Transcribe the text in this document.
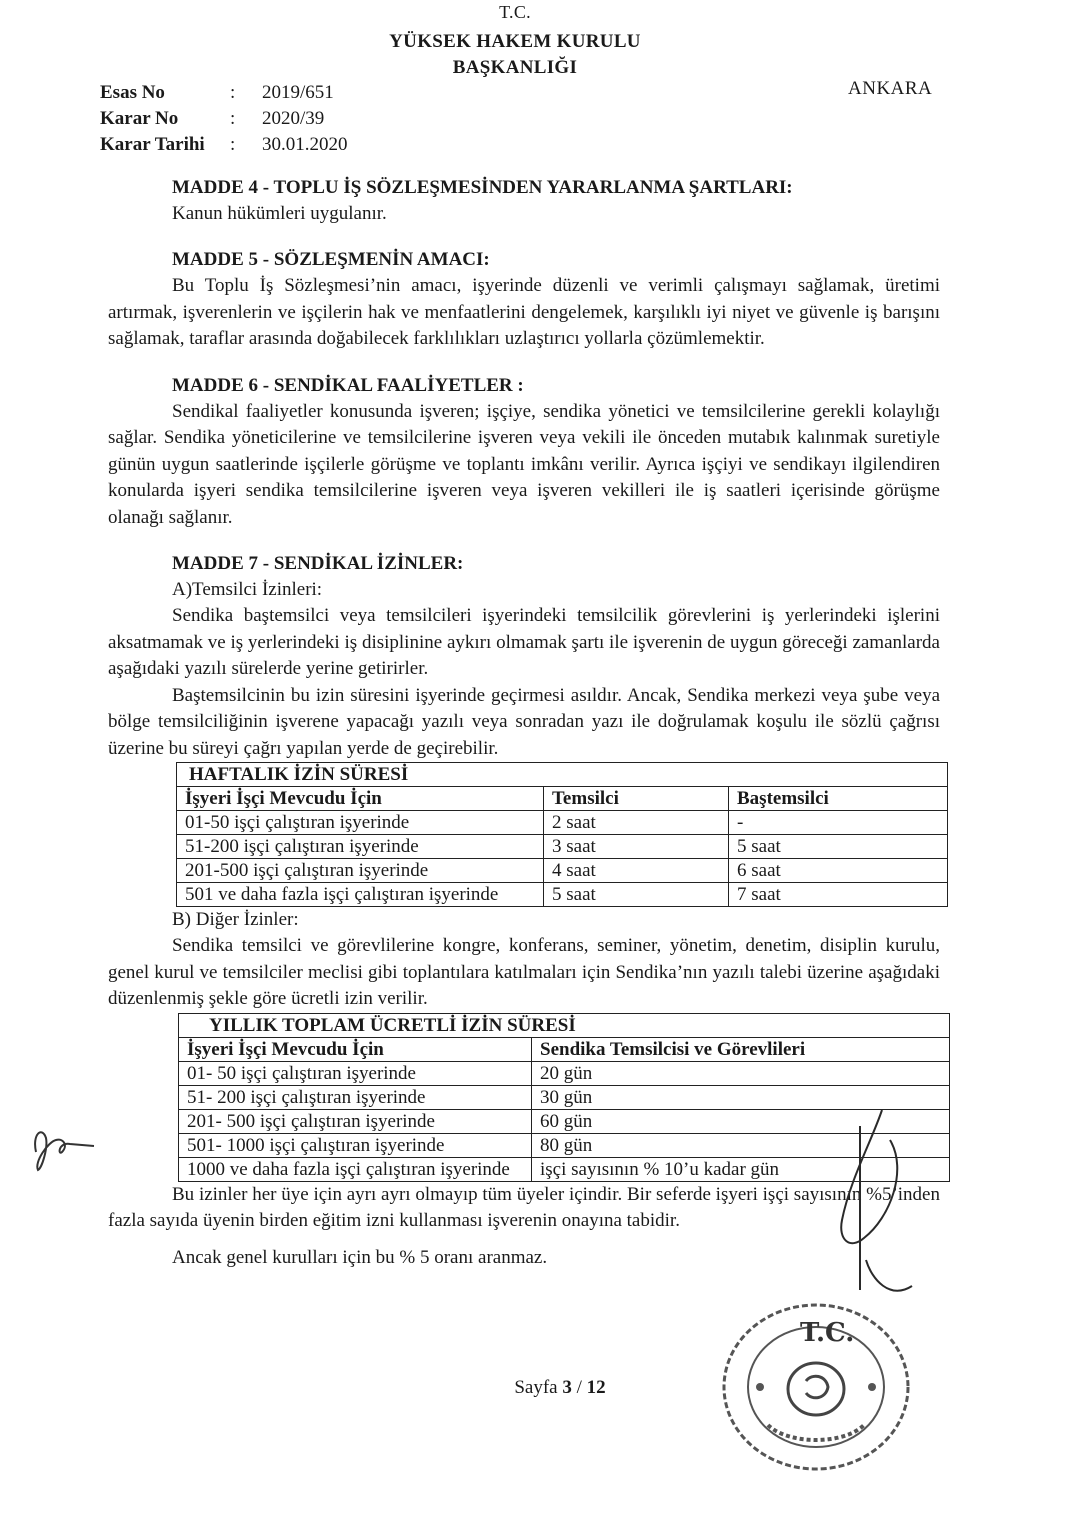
T.C.
YÜKSEK HAKEM KURULU
BAŞKANLIĞI
ANKARA
Esas No	:	2019/651
Karar No	:	2020/39
Karar Tarihi	:	30.01.2020
MADDE 4 - TOPLU İŞ SÖZLEŞMESİNDEN YARARLANMA ŞARTLARI:
Kanun hükümleri uygulanır.
MADDE 5 - SÖZLEŞMENİN AMACI:

Bu Toplu İş Sözleşmesi’nin amacı, işyerinde düzenli ve verimli çalışmayı sağlamak, üretimi artırmak, işverenlerin ve işçilerin hak ve menfaatlerini dengelemek, karşılıklı iyi niyet ve güvenle iş barışını sağlamak, taraflar arasında doğabilecek farklılıkları uzlaştırıcı yollarla çözümlemektir.

MADDE 6 - SENDİKAL FAALİYETLER :

Sendikal faaliyetler konusunda işveren; işçiye, sendika yönetici ve temsilcilerine gerekli kolaylığı sağlar. Sendika yöneticilerine ve temsilcilerine işveren veya vekili ile önceden mutabık kalınmak suretiyle günün uygun saatlerinde işçilerle görüşme ve toplantı imkânı verilir. Ayrıca işçiyi ve sendikayı ilgilendiren konularda işyeri sendika temsilcilerine işveren veya işveren vekilleri ile iş saatleri içerisinde görüşme olanağı sağlanır.

MADDE 7 - SENDİKAL İZİNLER:
A)Temsilci İzinleri:

Sendika baştemsilci veya temsilcileri işyerindeki temsilcilik görevlerini iş yerlerindeki işlerini aksatmamak ve iş yerlerindeki iş disiplinine aykırı olmamak şartı ile işverenin de uygun göreceği zamanlarda aşağıdaki yazılı sürelerde yerine getirirler.

Baştemsilcinin bu izin süresini işyerinde geçirmesi asıldır. Ancak, Sendika merkezi veya şube veya bölge temsilciliğinin işverene yapacağı yazılı veya sonradan yazı ile doğrulamak koşulu ile sözlü çağrısı üzerine bu süreyi çağrı yapılan yerde de geçirebilir.

HAFTALIK İZİN SÜRESİ		
İşyeri İşçi Mevcudu İçin	Temsilci	Baştemsilci
01-50 işçi çalıştıran işyerinde	2 saat	-
51-200 işçi çalıştıran işyerinde	3 saat	5 saat
201-500 işçi çalıştıran işyerinde	4 saat	6 saat
501 ve daha fazla işçi çalıştıran işyerinde	5 saat	7 saat
B) Diğer İzinler:

Sendika temsilci ve görevlilerine kongre, konferans, seminer, yönetim, denetim, disiplin kurulu, genel kurul ve temsilciler meclisi gibi toplantılara katılmaları için Sendika’nın yazılı talebi üzerine aşağıdaki düzenlenmiş şekle göre ücretli izin verilir.

YILLIK TOPLAM ÜCRETLİ İZİN SÜRESİ	
İşyeri İşçi Mevcudu İçin	Sendika Temsilcisi ve Görevlileri
01- 50 işçi çalıştıran işyerinde	20 gün
51- 200 işçi çalıştıran işyerinde	30 gün
201- 500 işçi çalıştıran işyerinde	60 gün
501- 1000 işçi çalıştıran işyerinde	80 gün
1000 ve daha fazla işçi çalıştıran işyerinde	işçi sayısının % 10’u kadar gün

Bu izinler her üye için ayrı ayrı olmayıp tüm üyeler içindir. Bir seferde işyeri işçi sayısının %5’inden fazla sayıda üyenin birden eğitim izni kullanması işverenin onayına tabidir.

Ancak genel kurulları için bu % 5 oranı aranmaz.

Sayfa 3 / 12
T.C.
